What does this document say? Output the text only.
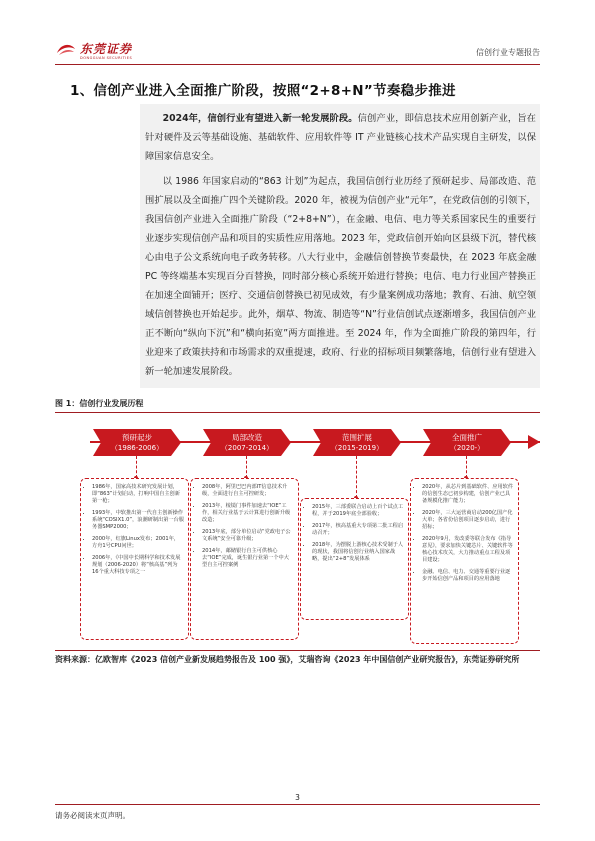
东莞证券
DONGGUAN SECURITIES
信创行业专题报告
1、信创产业进入全面推广阶段，按照“2+8+N”节奏稳步推进
2024年，信创行业有望进入新一轮发展阶段。信创产业，即信息技术应用创新产业，旨在针对硬件及云等基础设施、基础软件、应用软件等 IT 产业链核心技术产品实现自主研发，以保障国家信息安全。
以 1986 年国家启动的“863 计划”为起点，我国信创行业历经了预研起步、局部改造、范围扩展以及全面推广四个关键阶段。2020 年，被视为信创产业“元年”，在党政信创的引领下，我国信创产业进入全面推广阶段（“2+8+N”），在金融、电信、电力等关系国家民生的重要行业逐步实现信创产品和项目的实质性应用落地。2023 年，党政信创开始向区县级下沉，替代核心由电子公文系统向电子政务转移。八大行业中，金融信创替换节奏最快，在 2023 年底金融 PC 等终端基本实现百分百替换，同时部分核心系统开始进行替换；电信、电力行业国产替换正在加速全面铺开；医疗、交通信创替换已初见成效，有少量案例成功落地；教育、石油、航空领域信创替换也开始起步。此外，烟草、物流、制造等“N”行业信创试点逐渐增多，我国信创产业正不断向“纵向下沉”和“横向拓宽”两方面推进。至 2024 年，作为全面推广阶段的第四年，行业迎来了政策扶持和市场需求的双重提速，政府、行业的招标项目频繁落地，信创行业有望进入新一轮加速发展阶段。
图 1：信创行业发展历程
预研起步
（1986-2006）
局部改造
（2007-2014）
范围扩展
（2015-2019）
全面推广
（2020-）
• 1986年，国家高技术研究发展计划，即“863”计划启动，打响中国自主创新第一枪；
• 1993年，中软推出第一代自主创新操作系统“COSIX1.0”，浪潮研制出第一台服务器SMP2000；
• 2000年，红旗Linux发布；2001年，方舟1号CPU问世；
• 2006年，《中国中长期科学和技术发展规划（2006-2020）将“核高基”列为16个重大科技专项之一
• 2008年，阿里巴巴内部IT信息技术升级，全面进行自主可控研发；
• 2013年，棱镜门事件加速去“IOE”工作，相关行业基于云计算进行创新升级改造；
• 2013年底，部分单位启动“党政电子公文系统”安全可靠升级；
• 2014年，邮储银行自主可供核心去“IOE”完成，诞生银行业第一个中大型自主可控案例
• 2015年，三部委联合启动上百个试点工程，并于2019年底全部验收；
• 2017年，核高基重大专项第二批工程启动召开；
• 2018年，为摆脱上游核心技术受制于人的现状，我国将信创行业纳入国家战略，提出“2+8”发展体系
• 2020年，从芯片到基础软件、应用软件的信创生态已初步构建，信创产业已具备规模化推广能力；
• 2020年，三大运营商启动200亿国产化大单；各省份信创项目逐步启动，进行招标；
• 2020年9月，发改委等联合发布《指导意见》，要求加快关键芯片、关键软件等核心技术攻关，大力推动重点工程及项目建设；
• 金融、电信、电力、交通等重要行业逐步开始信创产品和项目的应用落地
资料来源：亿欧智库《2023 信创产业新发展趋势报告及 100 强》，艾瑞咨询《2023 年中国信创产业研究报告》，东莞证券研究所
3
请务必阅读末页声明。
